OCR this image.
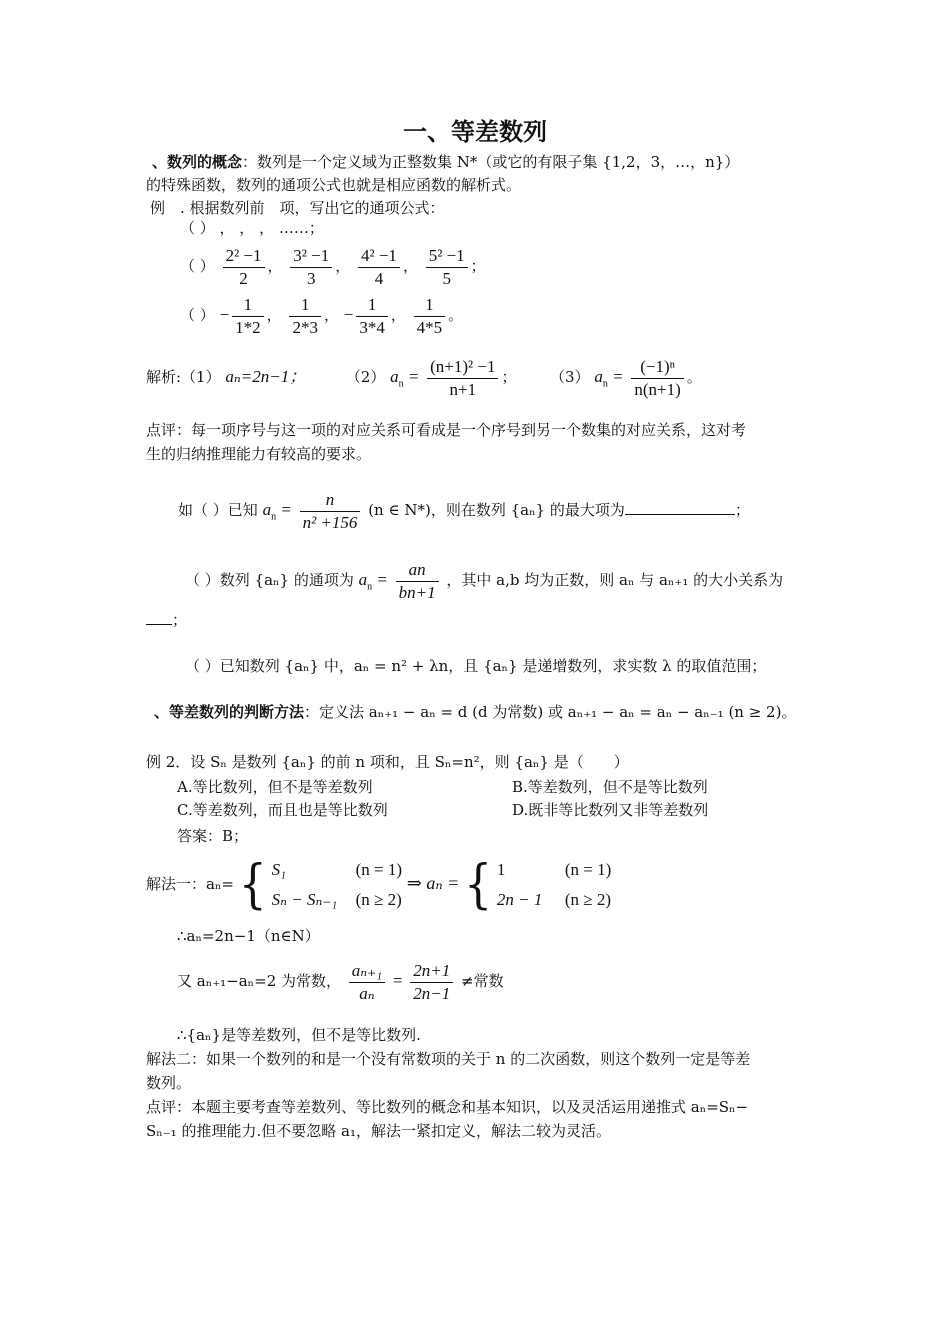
一、等差数列
、数列的概念：数列是一个定义域为正整数集 N*（或它的有限子集 {1,2，3，…，n}）
的特殊函数，数列的通项公式也就是相应函数的解析式。
例　. 根据数列前　项，写出它的通项公式：
（ ） ， ， ， ……；
（ ） $\frac{\text{2² −1}}{2}$ ， $\frac{\text{3² −1}}{3}$ ， $\frac{\text{4² −1}}{4}$ ， $\frac{\text{5² −1}}{5}$ ；
（ ） − $\frac{1}{1*2}$ ， $\frac{1}{2*3}$ ， − $\frac{1}{3*4}$ ， $\frac{1}{4*5}$ 。
解析:（1） aₙ=2n−1；	（2） $a_n = \frac{\text{(n+1)² −1}}{n+1}$ ；  （3） $a_n = \frac{\text{(−1)ⁿ}}{n(n+1)}$ 。
点评：每一项序号与这一项的对应关系可看成是一个序号到另一个数集的对应关系，这对考
生的归纳推理能力有较高的要求。
如（ ）已知 $a_n = \frac{n}{\text{n² +156}} (n$ ∈ N*)，则在数列 {aₙ} 的最大项为	；
（ ）数列 {aₙ} 的通项为 $a_n = \frac{an}{bn+1}$ ，其中 a,b 均为正数，则 aₙ 与 aₙ₊₁ 的大小关系为
；
（ ）已知数列 {aₙ} 中，aₙ = n² + λn，且 {aₙ} 是递增数列，求实数 λ 的取值范围；
、等差数列的判断方法：定义法 aₙ₊₁ − aₙ = d (d 为常数) 或 aₙ₊₁ − aₙ = aₙ − aₙ₋₁ (n ≥ 2)。
例 2．设 Sₙ 是数列 {aₙ} 的前 n 项和，且 Sₙ=n²，则 {aₙ} 是（　　）
A.等比数列，但不是等差数列	B.等差数列，但不是等比数列
C.等差数列，而且也是等比数列	D.既非等比数列又非等差数列
答案：B；
解法一：aₙ= { S₁	(n = 1)
Sₙ − Sₙ₋₁ (n ≥ 2)
⇒ aₙ = { 1	(n = 1)
2n − 1 (n ≥ 2)
∴aₙ=2n−1（n∈N）
又 aₙ₊₁−aₙ=2 为常数， $\frac{\text{aₙ₊₁}}{\text{aₙ}} = \frac{2n+1}{2n-1}$ ≠常数
∴{aₙ}是等差数列，但不是等比数列.
解法二：如果一个数列的和是一个没有常数项的关于 n 的二次函数，则这个数列一定是等差
数列。
点评：本题主要考查等差数列、等比数列的概念和基本知识，以及灵活运用递推式 aₙ=Sₙ−
Sₙ₋₁ 的推理能力.但不要忽略 a₁，解法一紧扣定义，解法二较为灵活。
